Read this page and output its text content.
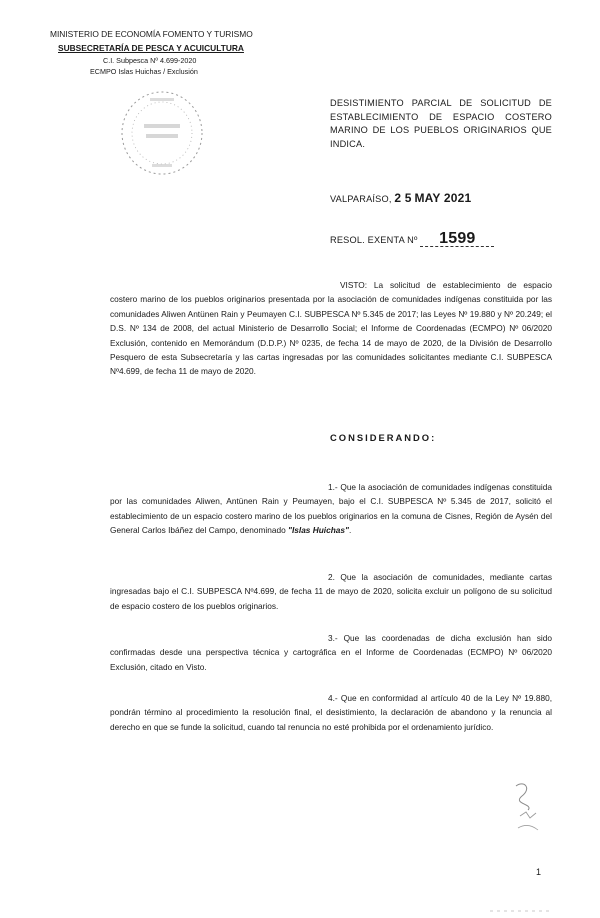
MINISTERIO DE ECONOMÍA FOMENTO Y TURISMO
SUBSECRETARÍA DE PESCA Y ACUICULTURA
C.I. Subpesca Nº 4.699-2020
ECMPO Islas Huichas / Exclusión
DESISTIMIENTO PARCIAL DE SOLICITUD DE ESTABLECIMIENTO DE ESPACIO COSTERO MARINO DE LOS PUEBLOS ORIGINARIOS QUE INDICA.
VALPARAÍSO, 2 5 MAY 2021
RESOL. EXENTA Nº 1599

VISTO: La solicitud de establecimiento de espacio costero marino de los pueblos originarios presentada por la asociación de comunidades indígenas constituida por las comunidades Aliwen Antünen Rain y Peumayen C.I. SUBPESCA Nº 5.345 de 2017; las Leyes Nº 19.880 y Nº 20.249; el D.S. Nº 134 de 2008, del actual Ministerio de Desarrollo Social; el Informe de Coordenadas (ECMPO) Nº 06/2020 Exclusión, contenido en Memorándum (D.D.P.) Nº 0235, de fecha 14 de mayo de 2020, de la División de Desarrollo Pesquero de esta Subsecretaría y las cartas ingresadas por las comunidades solicitantes mediante C.I. SUBPESCA Nº4.699, de fecha 11 de mayo de 2020.

CONSIDERANDO:

1.- Que la asociación de comunidades indígenas constituida por las comunidades Aliwen, Antünen Rain y Peumayen, bajo el C.I. SUBPESCA Nº 5.345 de 2017, solicitó el establecimiento de un espacio costero marino de los pueblos originarios en la comuna de Cisnes, Región de Aysén del General Carlos Ibáñez del Campo, denominado "Islas Huichas".

2. Que la asociación de comunidades, mediante cartas ingresadas bajo el C.I. SUBPESCA Nº4.699, de fecha 11 de mayo de 2020, solicita excluir un polígono de su solicitud de espacio costero de los pueblos originarios.

3.- Que las coordenadas de dicha exclusión han sido confirmadas desde una perspectiva técnica y cartográfica en el Informe de Coordenadas (ECMPO) Nº 06/2020 Exclusión, citado en Visto.

4.- Que en conformidad al artículo 40 de la Ley Nº 19.880, pondrán término al procedimiento la resolución final, el desistimiento, la declaración de abandono y la renuncia al derecho en que se funde la solicitud, cuando tal renuncia no esté prohibida por el ordenamiento jurídico.

1
